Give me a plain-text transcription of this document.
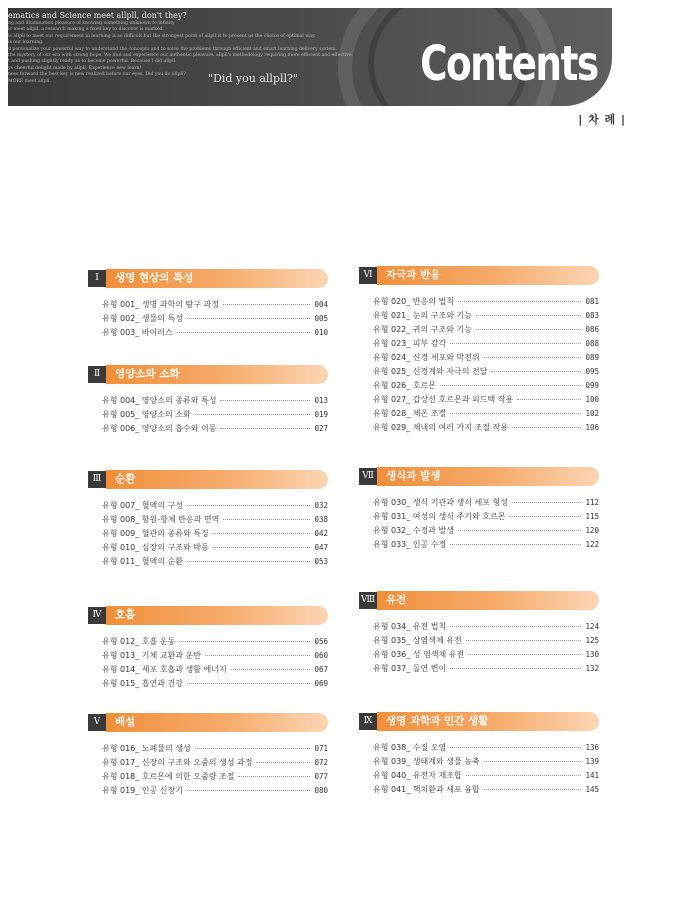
ematics and Science meet allpll, don't they?
ng and illumination pleasure of knowing something unknown to infinity
ic meet allpll, a research making a fixed key to discover is marked.
is allpll to meet our requirement in learning is so difficult but the strongest point of allpll is to present us the choice of optimal way.
is our learning.
d personalize your powerful way to understand the concepts and to solve the problems through efficient and smart learning delivery system.
the mystery of our era with strong hope. We find and experience our authentic pleasure. allpll's methodology requiring more efficient and effective.
t and pushing slightly ready us to become powerful. Because I did allpll.
ys cheerful delight made by allpll. Experience new learn!
ness forward the best key is new realized before our eyes. Did you do allpll?
MORE meet allpll.	"Did you allpll?"	Contents
| 차 례 |
Ⅰ	생명 현상의 특성
유형 001_ 생명 과학의 탐구 과정	004
유형 002_ 생물의 특성	005
유형 003_ 바이러스	010
Ⅱ	영양소와 소화
유형 004_ 영양소의 종류와 특성	013
유형 005_ 영양소의 소화	019
유형 006_ 영양소의 흡수와 이동	027
Ⅲ	순환
유형 007_ 혈액의 구성	032
유형 008_ 항원-항체 반응과 면역	038
유형 009_ 혈관의 종류와 특징	042
유형 010_ 심장의 구조와 박동	047
유형 011_ 혈액의 순환	053
Ⅳ	호흡
유형 012_ 호흡 운동	056
유형 013_ 기체 교환과 운반	060
유형 014_ 세포 호흡과 생활 에너지	067
유형 015_ 흡연과 건강	069
Ⅴ	배설
유형 016_ 노폐물의 생성	071
유형 017_ 신장의 구조와 오줌의 생성 과정	072
유형 018_ 호르몬에 의한 오줌량 조절	077
유형 019_ 인공 신장기	080
Ⅵ	자극과 반응
유형 020_ 반응의 법칙	081
유형 021_ 눈의 구조와 기능	083
유형 022_ 귀의 구조와 기능	086
유형 023_ 피부 감각	088
유형 024_ 신경 세포와 막전위	089
유형 025_ 신경계와 자극의 전달	095
유형 026_ 호르몬	099
유형 027_ 갑상선 호르몬과 피드백 작용	100
유형 028_ 체온 조절	102
유형 029_ 체내의 여러 가지 조절 작용	106
Ⅶ	생식과 발생
유형 030_ 생식 기관과 생식 세포 형성	112
유형 031_ 여성의 생식 주기와 호르몬	115
유형 032_ 수정과 발생	120
유형 033_ 인공 수정	122
Ⅷ 유전
유형 034_ 유전 법칙	124
유형 035_ 상염색체 유전	125
유형 036_ 성 염색체 유전	130
유형 037_ 돌연 변이	132
Ⅸ	생명 과학과 인간 생활
유형 038_ 수질 오염	136
유형 039_ 생태계와 생물 농축	139
유형 040_ 유전자 재조합	141
유형 041_ 핵치환과 세포 융합	145
